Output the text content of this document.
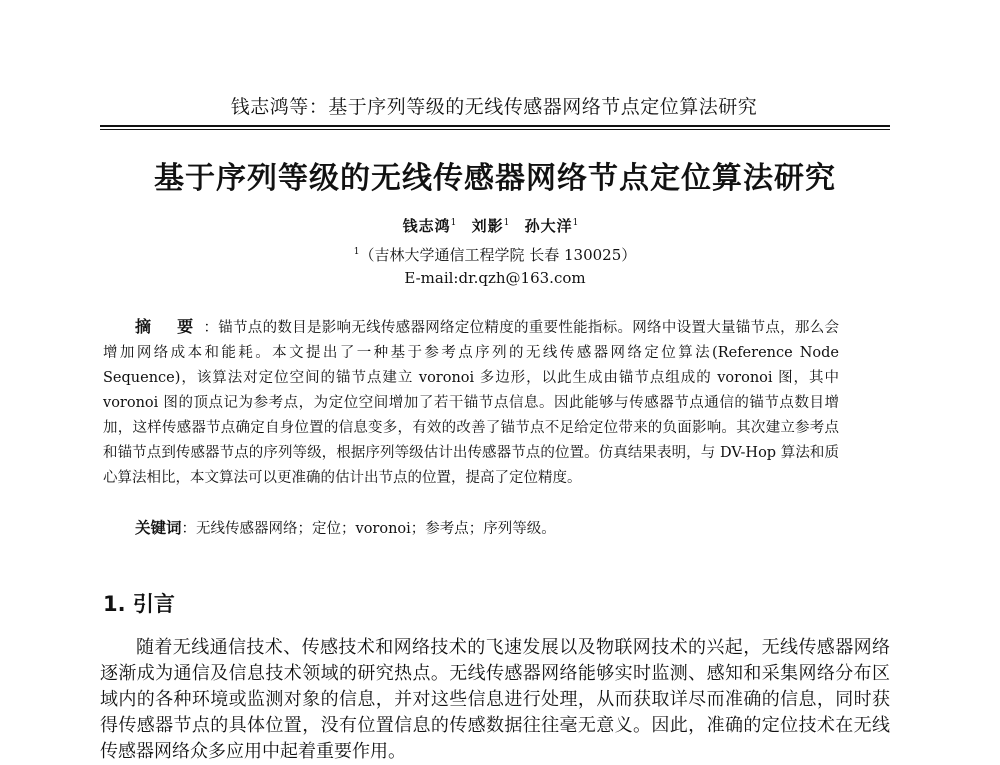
钱志鸿等：基于序列等级的无线传感器网络节点定位算法研究
基于序列等级的无线传感器网络节点定位算法研究
钱志鸿$^1$ 刘影$^1$ 孙大洋$^1$
$^1$（吉林大学通信工程学院 长春 130025）
E-mail:dr.qzh@163.com
摘 要：锚节点的数目是影响无线传感器网络定位精度的重要性能指标。网络中设置大量锚节点，那么会增加网络成本和能耗。本文提出了一种基于参考点序列的无线传感器网络定位算法(Reference Node Sequence)，该算法对定位空间的锚节点建立 voronoi 多边形，以此生成由锚节点组成的 voronoi 图，其中 voronoi 图的顶点记为参考点，为定位空间增加了若干锚节点信息。因此能够与传感器节点通信的锚节点数目增加，这样传感器节点确定自身位置的信息变多，有效的改善了锚节点不足给定位带来的负面影响。其次建立参考点和锚节点到传感器节点的序列等级，根据序列等级估计出传感器节点的位置。仿真结果表明，与 DV-Hop 算法和质心算法相比，本文算法可以更准确的估计出节点的位置，提高了定位精度。
关键词：无线传感器网络；定位；voronoi；参考点；序列等级。
1. 引言
随着无线通信技术、传感技术和网络技术的飞速发展以及物联网技术的兴起，无线传感器网络逐渐成为通信及信息技术领域的研究热点。无线传感器网络能够实时监测、感知和采集网络分布区域内的各种环境或监测对象的信息，并对这些信息进行处理，从而获取详尽而准确的信息，同时获得传感器节点的具体位置，没有位置信息的传感数据往往毫无意义。因此，准确的定位技术在无线传感器网络众多应用中起着重要作用。
